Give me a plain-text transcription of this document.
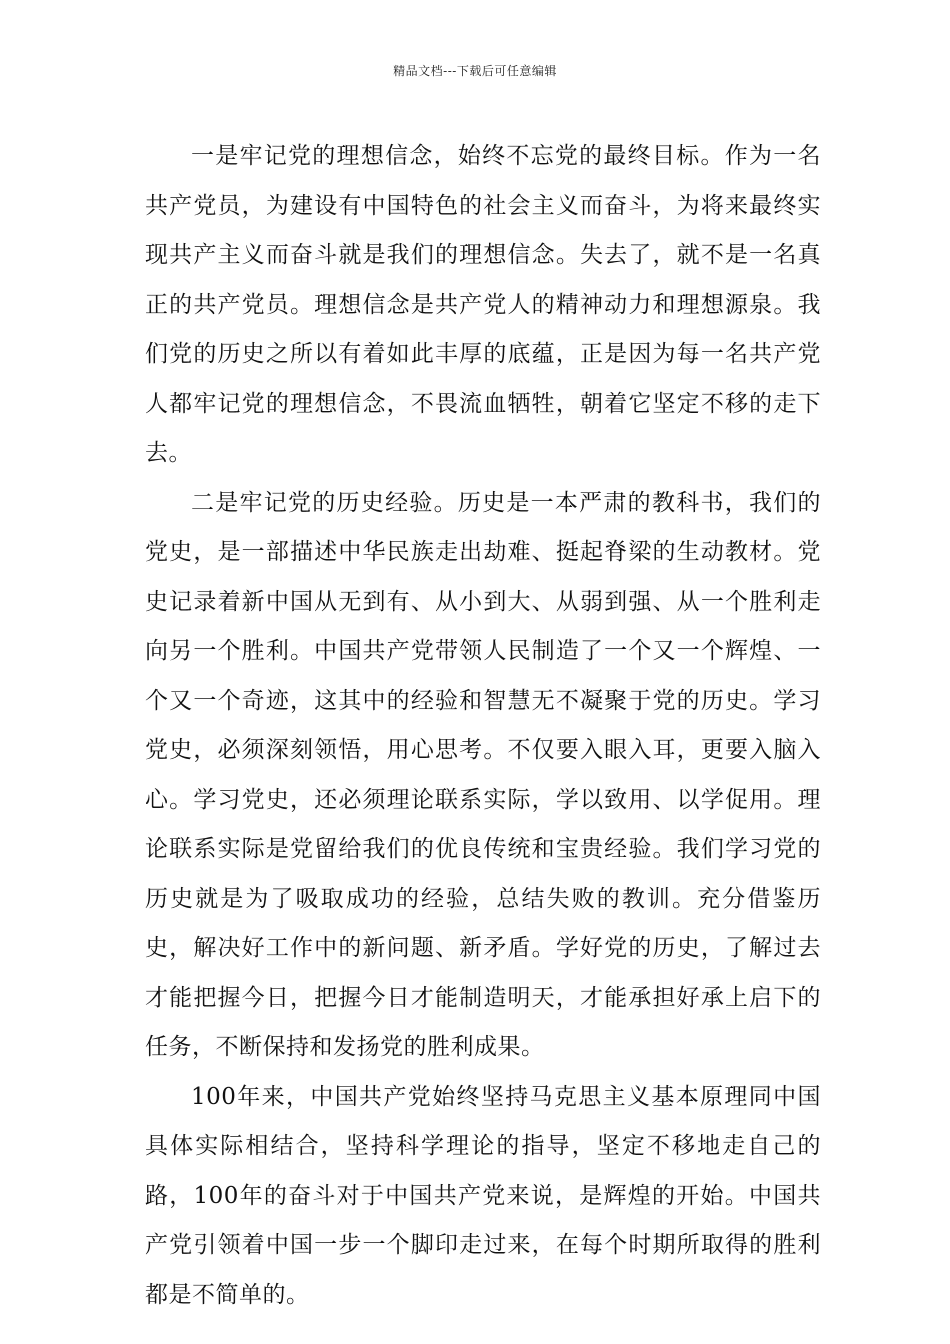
精品文档---下载后可任意编辑

一是牢记党的理想信念，始终不忘党的最终目标。作为一名共产党员，为建设有中国特色的社会主义而奋斗，为将来最终实现共产主义而奋斗就是我们的理想信念。失去了，就不是一名真正的共产党员。理想信念是共产党人的精神动力和理想源泉。我们党的历史之所以有着如此丰厚的底蕴，正是因为每一名共产党人都牢记党的理想信念，不畏流血牺牲，朝着它坚定不移的走下去。

二是牢记党的历史经验。历史是一本严肃的教科书，我们的党史，是一部描述中华民族走出劫难、挺起脊梁的生动教材。党史记录着新中国从无到有、从小到大、从弱到强、从一个胜利走向另一个胜利。中国共产党带领人民制造了一个又一个辉煌、一个又一个奇迹，这其中的经验和智慧无不凝聚于党的历史。学习党史，必须深刻领悟，用心思考。不仅要入眼入耳，更要入脑入心。学习党史，还必须理论联系实际，学以致用、以学促用。理论联系实际是党留给我们的优良传统和宝贵经验。我们学习党的历史就是为了吸取成功的经验，总结失败的教训。充分借鉴历史，解决好工作中的新问题、新矛盾。学好党的历史，了解过去才能把握今日，把握今日才能制造明天，才能承担好承上启下的任务，不断保持和发扬党的胜利成果。

100年来，中国共产党始终坚持马克思主义基本原理同中国具体实际相结合，坚持科学理论的指导，坚定不移地走自己的路，100年的奋斗对于中国共产党来说，是辉煌的开始。中国共产党引领着中国一步一个脚印走过来，在每个时期所取得的胜利都是不简单的。
